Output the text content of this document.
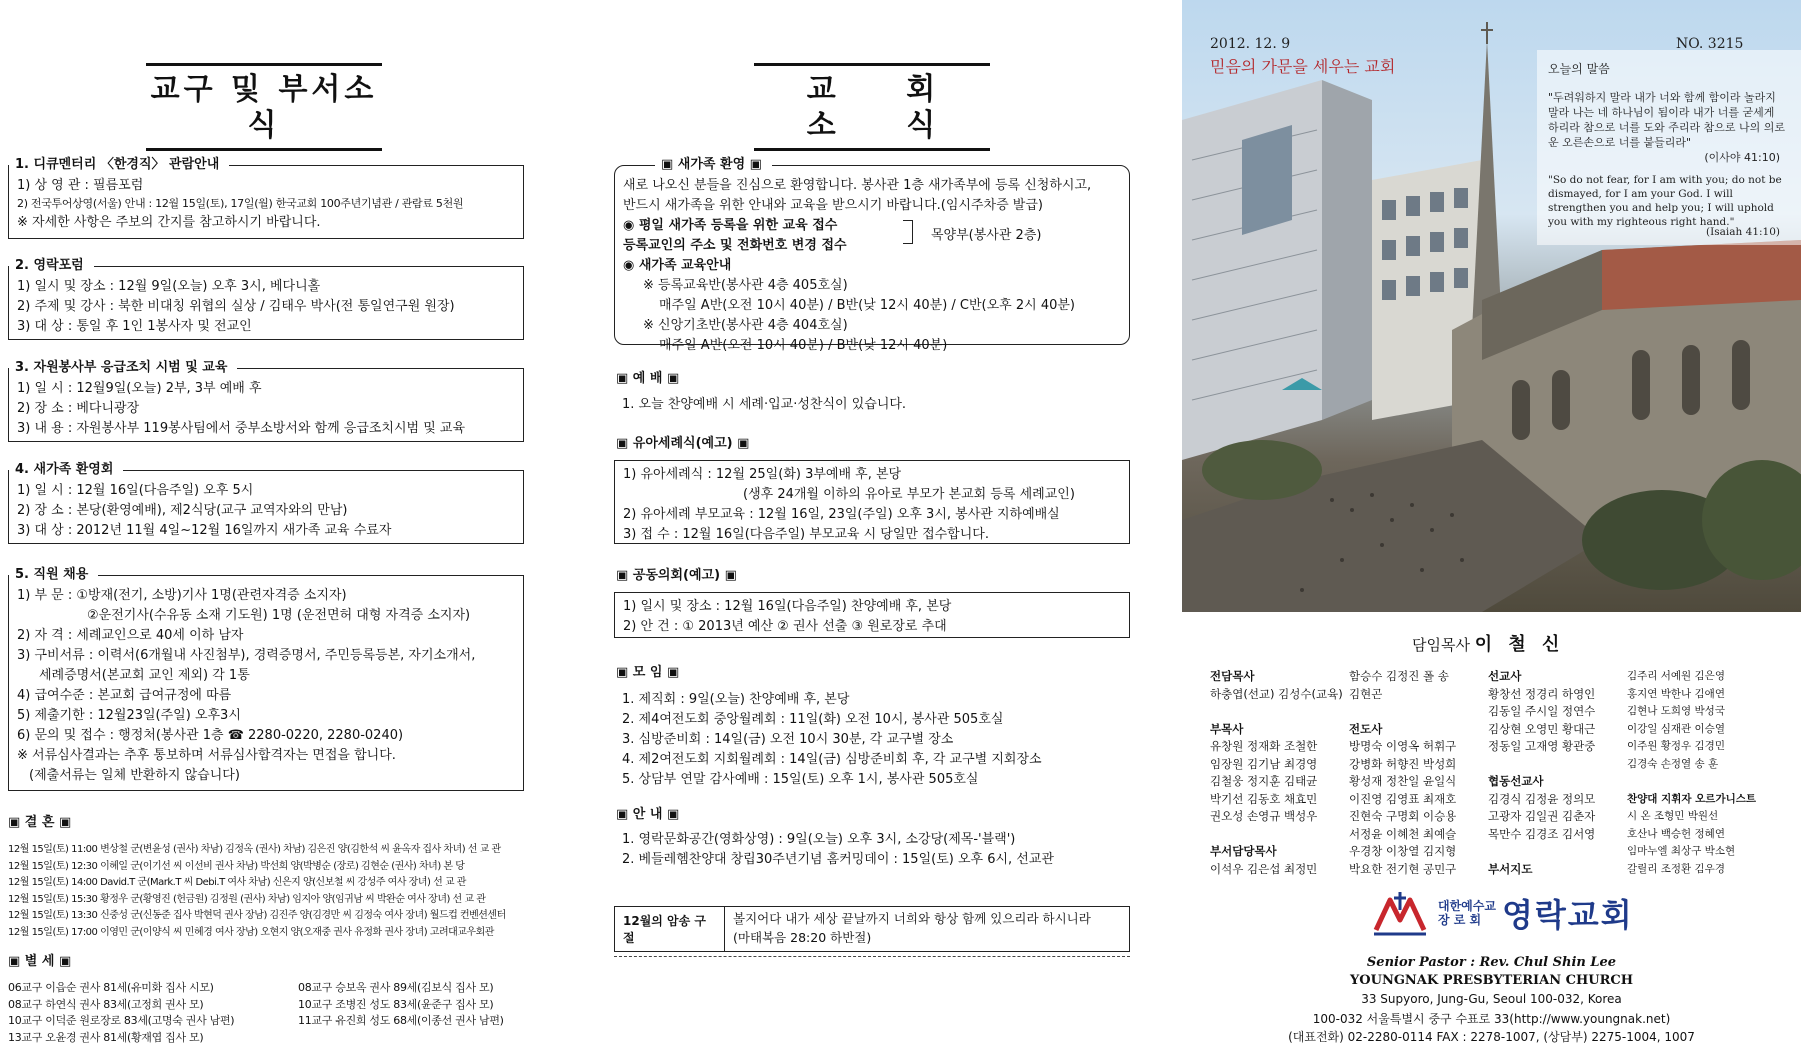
교구 및 부서소식
1. 디큐멘터리 〈한경직〉 관람안내
1) 상 영 관 : 필름포럼
2) 전국투어상영(서울) 안내 : 12월 15일(토), 17일(월) 한국교회 100주년기념관 / 관람료 5천원
※ 자세한 사항은 주보의 간지를 참고하시기 바랍니다.
2. 영락포럼
1) 일시 및 장소 : 12월 9일(오늘) 오후 3시, 베다니홀
2) 주제 및 강사 : 북한 비대칭 위협의 실상 / 김태우 박사(전 통일연구원 원장)
3) 대 상 : 통일 후 1인 1봉사자 및 전교인
3. 자원봉사부 응급조치 시범 및 교육
1) 일 시 : 12월9일(오늘) 2부, 3부 예배 후
2) 장 소 : 베다니광장
3) 내 용 : 자원봉사부 119봉사팀에서 중부소방서와 함께 응급조치시범 및 교육
4. 새가족 환영회
1) 일 시 : 12월 16일(다음주일) 오후 5시
2) 장 소 : 본당(환영예배), 제2식당(교구 교역자와의 만남)
3) 대 상 : 2012년 11월 4일~12월 16일까지 새가족 교육 수료자
5. 직원 채용
1) 부 문 : ①방재(전기, 소방)기사 1명(관련자격증 소지자)
②운전기사(수유동 소재 기도원) 1명 (운전면허 대형 자격증 소지자)
2) 자 격 : 세례교인으로 40세 이하 남자
3) 구비서류 : 이력서(6개월내 사진첨부), 경력증명서, 주민등록등본, 자기소개서,
세례증명서(본교회 교인 제외) 각 1통
4) 급여수준 : 본교회 급여규정에 따름
5) 제출기한 : 12월23일(주일) 오후3시
6) 문의 및 접수 : 행정처(봉사관 1층 ☎ 2280-0220, 2280-0240)
※ 서류심사결과는 추후 통보하며 서류심사합격자는 면접을 합니다.
(제출서류는 일체 반환하지 않습니다)
▣ 결 혼 ▣
12월 15일(토) 11:00 변상철 군(변윤성 (권사) 차남) 김정옥 (권사) 차남) 김은진 양(김한석 씨 윤옥자 집사 차녀) 선 교 관
12월 15일(토) 12:30 이혜일 군(이기선 씨 이선비 권사 차남) 박선희 양(박병순 (장로) 김현순 (권사) 차녀) 본 당
12월 15일(토) 14:00 David.T 군(Mark.T 씨 Debi.T 여사 차남) 신은지 양(신보철 씨 강성주 여사 장녀) 선 교 관
12월 15일(토) 15:30 황정우 군(황영진 (헌금원) 김정원 (권사) 차남) 임지아 양(임귀남 씨 박완순 여사 장녀) 선 교 관
12월 15일(토) 13:30 신중성 군(신동준 집사 박현덕 권사 장남) 김진주 양(김경만 씨 김정숙 여사 장녀) 월드컵 컨벤션센터
12월 15일(토) 17:00 이영민 군(이양식 씨 민혜경 여사 장남) 오현지 양(오재중 권사 유정화 권사 장녀) 고려대교우회관
▣ 별 세 ▣
06교구 이읍순 권사 81세(유미화 집사 시모)
08교구 하연식 권사 83세(고정희 권사 모)
10교구 이덕준 원로장로 83세(고명숙 권사 남편)
13교구 오윤경 권사 81세(황재엽 집사 모)
08교구 승보옥 권사 89세(김보식 집사 모)
10교구 조병진 성도 83세(윤준구 집사 모)
11교구 유진희 성도 68세(이종선 권사 남편)
교 회 소 식
▣ 새가족 환영 ▣
새로 나오신 분들을 진심으로 환영합니다. 봉사관 1층 새가족부에 등록 신청하시고,
반드시 새가족을 위한 안내와 교육을 받으시기 바랍니다.(임시주차증 발급)
◉ 평일 새가족 등록을 위한 교육 접수
등록교인의 주소 및 전화번호 변경 접수
◉ 새가족 교육안내
※ 등록교육반(봉사관 4층 405호실)
매주일 A반(오전 10시 40분) / B반(낮 12시 40분) / C반(오후 2시 40분)
※ 신앙기초반(봉사관 4층 404호실)
매주일 A반(오전 10시 40분) / B반(낮 12시 40분)
목양부(봉사관 2층)
▣ 예 배 ▣
1. 오늘 찬양예배 시 세례·입교·성찬식이 있습니다.
▣ 유아세례식(예고) ▣
1) 유아세례식 : 12월 25일(화) 3부예배 후, 본당
(생후 24개월 이하의 유아로 부모가 본교회 등록 세례교인)
2) 유아세례 부모교육 : 12월 16일, 23일(주일) 오후 3시, 봉사관 지하예배실
3) 접 수 : 12월 16일(다음주일) 부모교육 시 당일만 접수합니다.
▣ 공동의회(예고) ▣
1) 일시 및 장소 : 12월 16일(다음주일) 찬양예배 후, 본당
2) 안 건 : ① 2013년 예산 ② 권사 선출 ③ 원로장로 추대
▣ 모 임 ▣
1. 제직회 : 9일(오늘) 찬양예배 후, 본당
2. 제4여전도회 중앙월례회 : 11일(화) 오전 10시, 봉사관 505호실
3. 심방준비회 : 14일(금) 오전 10시 30분, 각 교구별 장소
4. 제2여전도회 지회월례회 : 14일(금) 심방준비회 후, 각 교구별 지회장소
5. 상담부 연말 감사예배 : 15일(토) 오후 1시, 봉사관 505호실
▣ 안 내 ▣
1. 영락문화공간(영화상영) : 9일(오늘) 오후 3시, 소강당(제목-'블랙')
2. 베들레헴찬양대 창립30주년기념 홈커밍데이 : 15일(토) 오후 6시, 선교관
12월의 암송 구절
볼지어다 내가 세상 끝날까지 너희와 항상 함께 있으리라 하시니라
(마태복음 28:20 하반절)
2012. 12. 9
믿음의 가문을 세우는 교회
NO. 3215
오늘의 말씀
"두려워하지 말라 내가 너와 함께 함이라 놀라지 말라 나는 네 하나님이 됨이라 내가 너를 굳세게 하리라 참으로 너를 도와 주리라 참으로 나의 의로운 오른손으로 너를 붙들리라"
(이사야 41:10)
"So do not fear, for I am with you; do not be dismayed, for I am your God. I will strengthen you and help you; I will uphold you with my righteous right hand."
(Isaiah 41:10)
담임목사 이 철 신
전담목사
하충엽(선교) 김성수(교육)

부목사
유창원 정재화 조철한
임장원 김기남 최경영
김철웅 정지훈 김태균
박기선 김동호 채효민
권오성 손영규 백성우

부서담당목사
이석우 김은섭 최정민
함승수 김정진 폴 송
김현곤

전도사
방명숙 이영옥 허휘구
강병화 허향진 박성희
황성재 정찬일 윤일식
이진영 김영표 최재호
진현숙 구명회 이승용
서정윤 이혜천 최예슬
우경창 이창열 김지형
박요한 전기현 공민구
선교사
황창선 정경리 하영인
김동일 주시일 정연수
김상현 오영민 황대근
정동일 고재영 황관중

협동선교사
김경식 김정윤 정의모
고광자 김일권 김춘자
목만수 김경조 김서영

부서지도
김주리 서예원 김은영
홍지연 박한나 김애연
김현나 도희영 박성국
이강일 심재관 이승열
이주원 황정우 김경민
김경숙 손정열 송 훈

찬양대 지휘자 오르가니스트
시 온 조형민 박원선
호산나 백승헌 정혜연
임마누엘 최상구 박소현
갈릴리 조정환 김우경
대한예수교
장 로 회 영락교회
Senior Pastor : Rev. Chul Shin Lee
YOUNGNAK PRESBYTERIAN CHURCH
33 Supyoro, Jung-Gu, Seoul 100-032, Korea
100-032 서울특별시 중구 수표로 33(http://www.youngnak.net)
(대표전화) 02-2280-0114 FAX : 2278-1007, (상담부) 2275-1004, 1007
